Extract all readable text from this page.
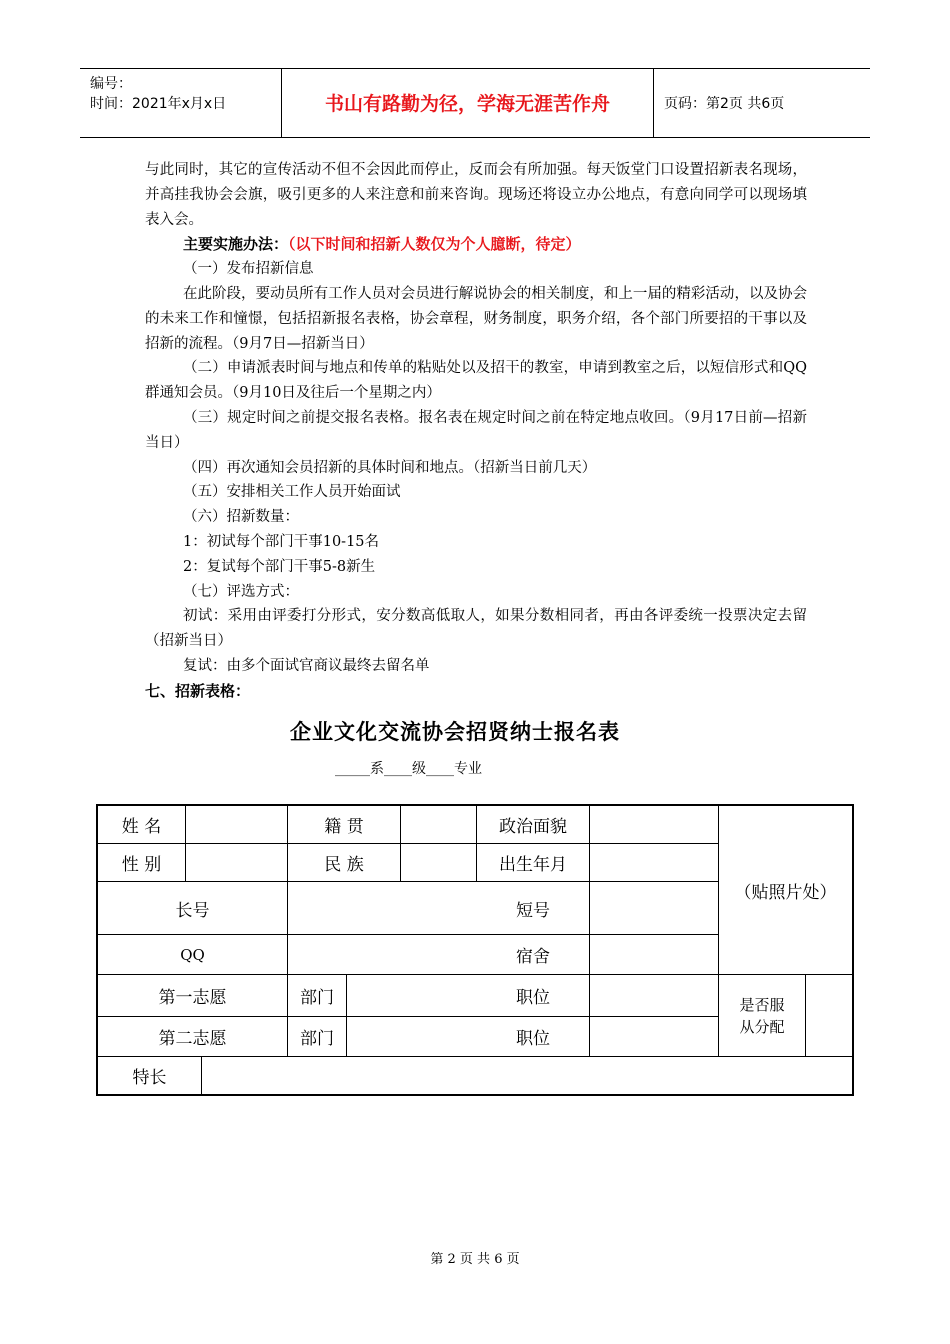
编号：
时间：2021年x月x日	书山有路勤为径，学海无涯苦作舟	页码：第2页 共6页

与此同时，其它的宣传活动不但不会因此而停止，反而会有所加强。每天饭堂门口设置招新表名现场，并高挂我协会会旗，吸引更多的人来注意和前来咨询。现场还将设立办公地点，有意向同学可以现场填表入会。

主要实施办法：（以下时间和招新人数仅为个人臆断，待定）

（一）发布招新信息

在此阶段，要动员所有工作人员对会员进行解说协会的相关制度，和上一届的精彩活动，以及协会的未来工作和憧憬，包括招新报名表格，协会章程，财务制度，职务介绍，各个部门所要招的干事以及招新的流程。（9月7日—招新当日）

（二）申请派表时间与地点和传单的粘贴处以及招干的教室，申请到教室之后，以短信形式和QQ群通知会员。（9月10日及往后一个星期之内）

（三）规定时间之前提交报名表格。报名表在规定时间之前在特定地点收回。（9月17日前—招新当日）

（四）再次通知会员招新的具体时间和地点。（招新当日前几天）

（五）安排相关工作人员开始面试

（六）招新数量：

1：初试每个部门干事10-15名

2：复试每个部门干事5-8新生

（七）评选方式：

初试：采用由评委打分形式，安分数高低取人，如果分数相同者，再由各评委统一投票决定去留（招新当日）

复试：由多个面试官商议最终去留名单

七、招新表格：
企业文化交流协会招贤纳士报名表
_____系____级____专业
姓 名	籍 贯	政治面貌
性 别	民 族	出生年月
（贴照片处）
长号	短号
QQ	宿舍
第一志愿	部门	职位
第二志愿	部门	职位
是否服从分配
特长
第 2 页 共 6 页
